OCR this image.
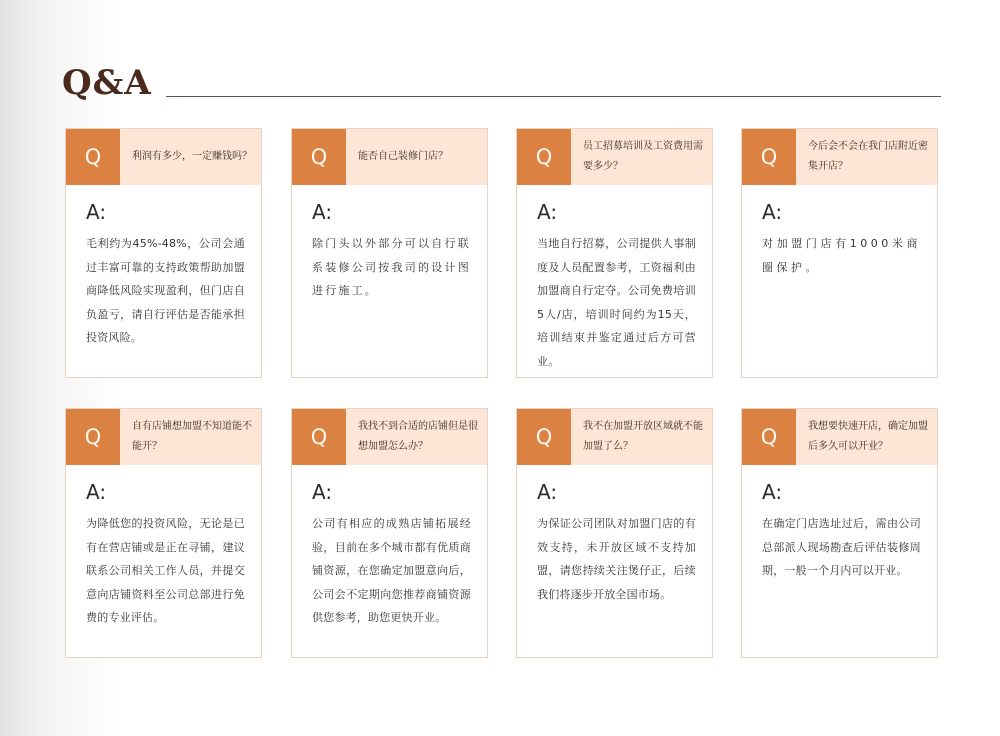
Q&A
Q	利润有多少，一定赚钱吗？
A:
毛利约为45%-48%，公司会通过丰富可靠的支持政策帮助加盟商降低风险实现盈利，但门店自负盈亏，请自行评估是否能承担投资风险。
Q	能否自己装修门店？
A:
除门头以外部分可以自行联系装修公司按我司的设计图进行施工。
Q	员工招募培训及工资费用需要多少？
A:
当地自行招募，公司提供人事制度及人员配置参考，工资福利由加盟商自行定夺。公司免费培训5人/店，培训时间约为15天，培训结束并鉴定通过后方可营业。
Q	今后会不会在我门店附近密集开店？
A:
对加盟门店有1000米商圈保护。
Q	自有店铺想加盟不知道能不能开？
A:
为降低您的投资风险，无论是已有在营店铺或是正在寻铺，建议联系公司相关工作人员，并提交意向店铺资料至公司总部进行免费的专业评估。
Q	我找不到合适的店铺但是很想加盟怎么办？
A:
公司有相应的成熟店铺拓展经验，目前在多个城市都有优质商铺资源，在您确定加盟意向后，公司会不定期向您推荐商铺资源供您参考，助您更快开业。
Q	我不在加盟开放区域就不能加盟了么？
A:
为保证公司团队对加盟门店的有效支持，未开放区域不支持加盟，请您持续关注煲仔正，后续我们将逐步开放全国市场。
Q	我想要快速开店，确定加盟后多久可以开业？
A:
在确定门店选址过后，需由公司总部派人现场勘查后评估装修周期，一般一个月内可以开业。
